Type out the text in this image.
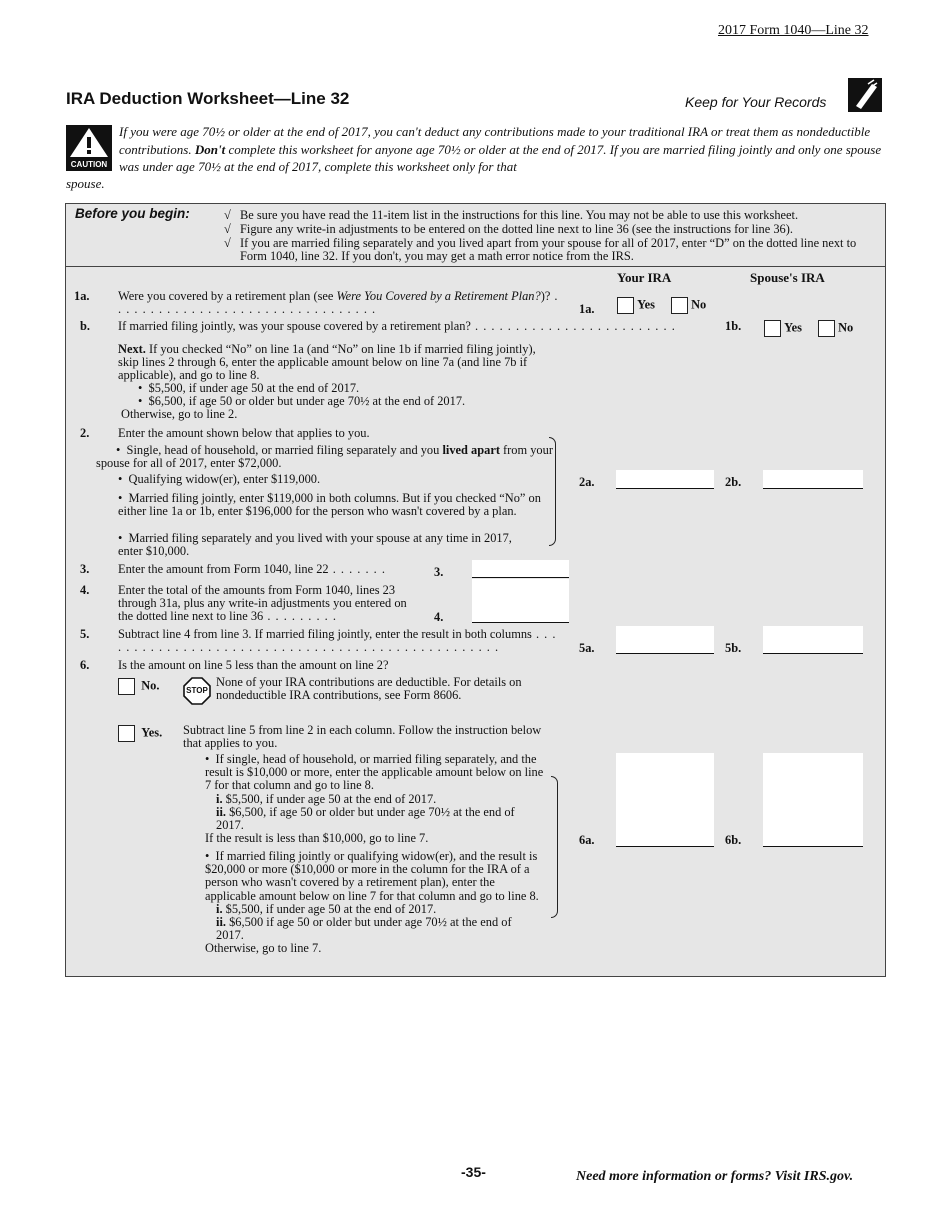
2017 Form 1040—Line 32
IRA Deduction Worksheet—Line 32	Keep for Your Records
CAUTION
If you were age 70½ or older at the end of 2017, you can't deduct any contributions made to your traditional IRA or treat them as nondeductible contributions. Don't complete this worksheet for anyone age 70½ or older at the end of 2017. If you are married filing jointly and only one spouse was under age 70½ at the end of 2017, complete this worksheet only for that
spouse.
Before you begin:	√ Be sure you have read the 11-item list in the instructions for this line. You may not be able to use this worksheet.
√ Figure any write-in adjustments to be entered on the dotted line next to line 36 (see the instructions for line 36).
√ If you are married filing separately and you lived apart from your spouse for all of 2017, enter “D” on the dotted line next to Form 1040, line 32. If you don't, you may get a math error notice from the IRS.
Your IRA	Spouse's IRA
1a. Were you covered by a retirement plan (see Were You Covered by a Retirement Plan?)? . . . . . . . . . . . . . . . . . . . . . . . . . . . . . . . . .	1a.	Yes	No
b. If married filing jointly, was your spouse covered by a retirement plan? . . . . . . . . . . . . . . . . . . . . . . . . .	1b.	Yes	No
Next. If you checked “No” on line 1a (and “No” on line 1b if married filing jointly), skip lines 2 through 6, enter the applicable amount below on line 7a (and line 7b if applicable), and go to line 8.
•  $5,500, if under age 50 at the end of 2017.
•  $6,500, if age 50 or older but under age 70½ at the end of 2017.
Otherwise, go to line 2.
2. Enter the amount shown below that applies to you.
•  Single, head of household, or married filing separately and you lived apart from your spouse for all of 2017, enter $72,000.
•  Qualifying widow(er), enter $119,000.
•  Married filing jointly, enter $119,000 in both columns. But if you checked “No” on either line 1a or 1b, enter $196,000 for the person who wasn't covered by a plan.
•  Married filing separately and you lived with your spouse at any time in 2017, enter $10,000.
2a.	2b.
3. Enter the amount from Form 1040, line 22 . . . . . . .	3.
4. Enter the total of the amounts from Form 1040, lines 23 through 31a, plus any write-in adjustments you entered on the dotted line next to line 36 . . . . . . . . .	4.
5. Subtract line 4 from line 3. If married filing jointly, enter the result in both columns . . . . . . . . . . . . . . . . . . . . . . . . . . . . . . . . . . . . . . . . . . . . . . . . . .	5a.	5b.
6. Is the amount on line 5 less than the amount on line 2?
No.	STOP
None of your IRA contributions are deductible. For details on nondeductible IRA contributions, see Form 8606.
Yes. Subtract line 5 from line 2 in each column. Follow the instruction below that applies to you.
•  If single, head of household, or married filing separately, and the result is $10,000 or more, enter the applicable amount below on line 7 for that column and go to line 8.
i. $5,500, if under age 50 at the end of 2017.
ii. $6,500, if age 50 or older but under age 70½ at the end of 2017.
If the result is less than $10,000, go to line 7.
•  If married filing jointly or qualifying widow(er), and the result is $20,000 or more ($10,000 or more in the column for the IRA of a person who wasn't covered by a retirement plan), enter the applicable amount below on line 7 for that column and go to line 8.
i. $5,500, if under age 50 at the end of 2017.
ii. $6,500 if age 50 or older but under age 70½ at the end of 2017.
Otherwise, go to line 7.
6a.	6b.
-35-	Need more information or forms? Visit IRS.gov.
